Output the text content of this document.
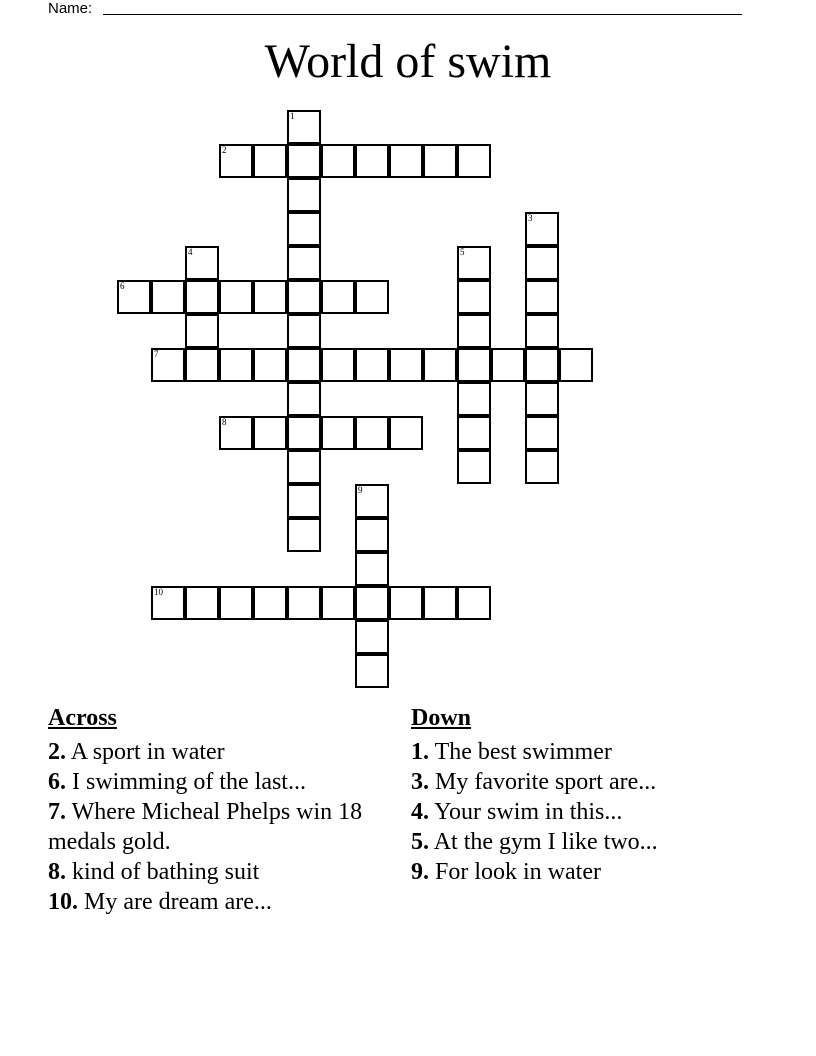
Name:
World of swim
1
2
3
4	5
6
7
8
9
10
Across

2. A sport in water

6. I swimming of the last...

7. Where Micheal Phelps win 18 medals gold.

8. kind of bathing suit

10. My are dream are...

Down

1. The best swimmer

3. My favorite sport are...

4. Your swim in this...

5. At the gym I like two...

9. For look in water
